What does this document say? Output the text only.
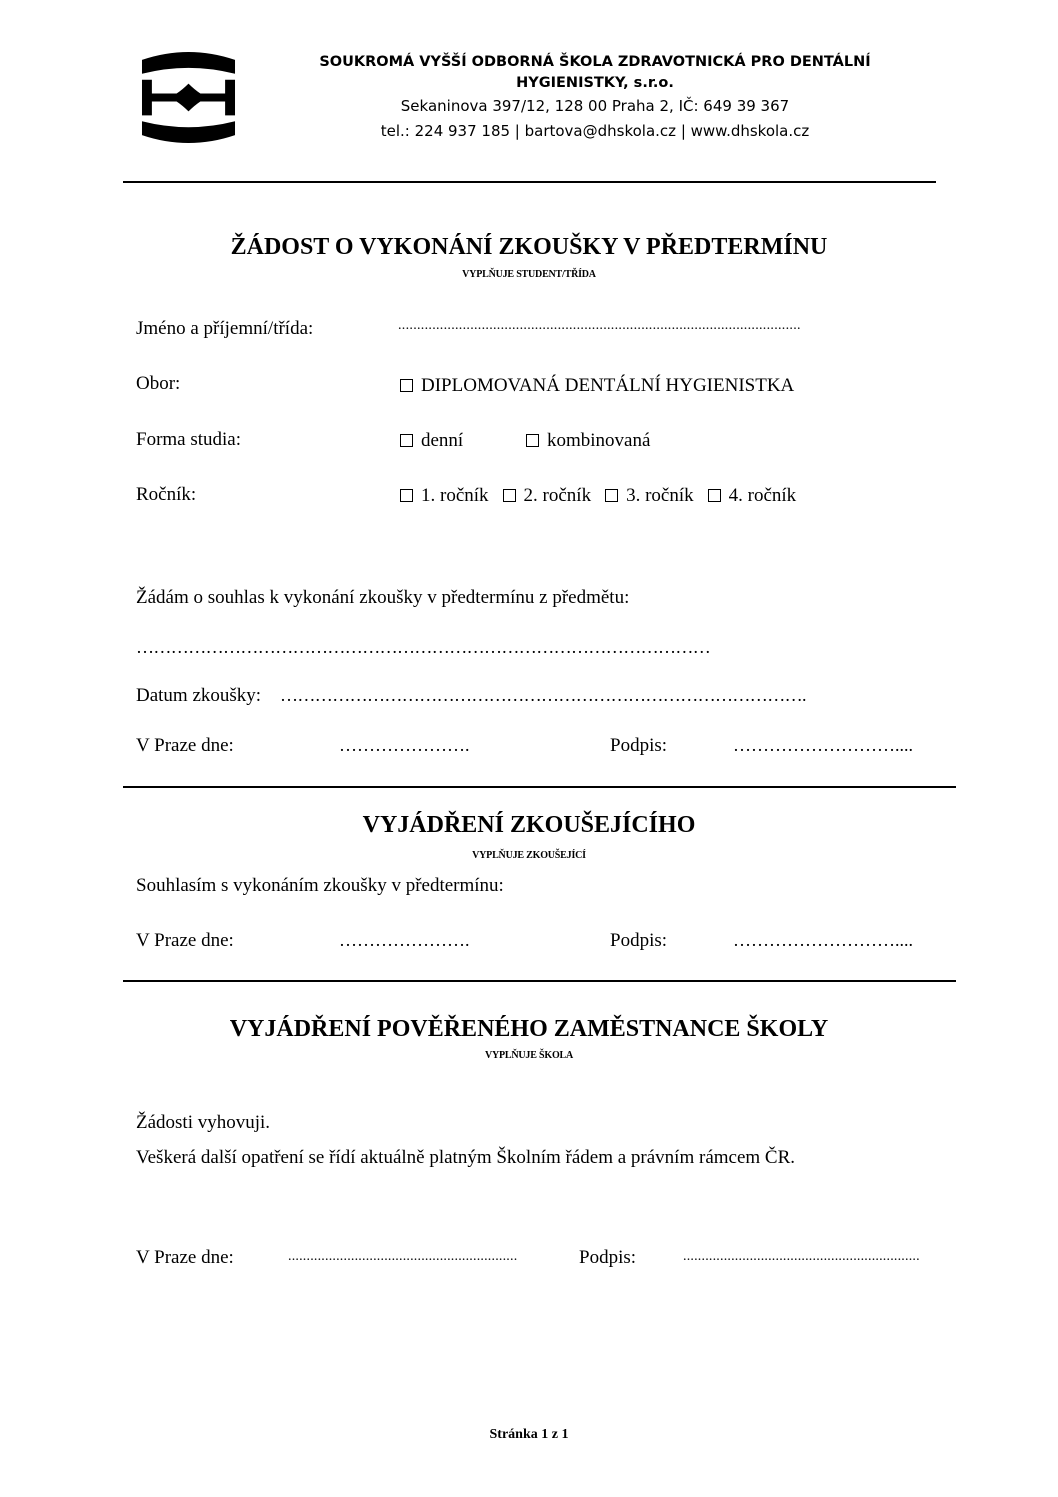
SOUKROMÁ VYŠŠÍ ODBORNÁ ŠKOLA ZDRAVOTNICKÁ PRO DENTÁLNÍ
HYGIENISTKY, s.r.o.
Sekaninova 397/12, 128 00 Praha 2, IČ: 649 39 367
tel.: 224 937 185 | bartova@dhskola.cz | www.dhskola.cz
ŽÁDOST O VYKONÁNÍ ZKOUŠKY V PŘEDTERMÍNU
VYPLŇUJE STUDENT/TŘÍDA
Jméno a příjemní/třída:	..........................................................................................................
Obor:	DIPLOMOVANÁ DENTÁLNÍ HYGIENISTKA
Forma studia:	denní	kombinovaná
Ročník:	1. ročník 2. ročník 3. ročník 4. ročník
Žádám o souhlas k vykonání zkoušky v předtermínu z předmětu:
………………………………………………………………………………………
Datum zkoušky: ……………………………………………………………………………….
V Praze dne:	………………….	Podpis:	………………………....
VYJÁDŘENÍ ZKOUŠEJÍCÍHO
VYPLŇUJE ZKOUŠEJÍCÍ
Souhlasím s vykonáním zkoušky v předtermínu:
V Praze dne:	………………….	Podpis:	………………………....
VYJÁDŘENÍ POVĚŘENÉHO ZAMĚSTNANCE ŠKOLY
VYPLŇUJE ŠKOLA
Žádosti vyhovuji.
Veškerá další opatření se řídí aktuálně platným Školním řádem a právním rámcem ČR.
V Praze dne:	..............................................................	Podpis:	................................................................
Stránka 1 z 1
